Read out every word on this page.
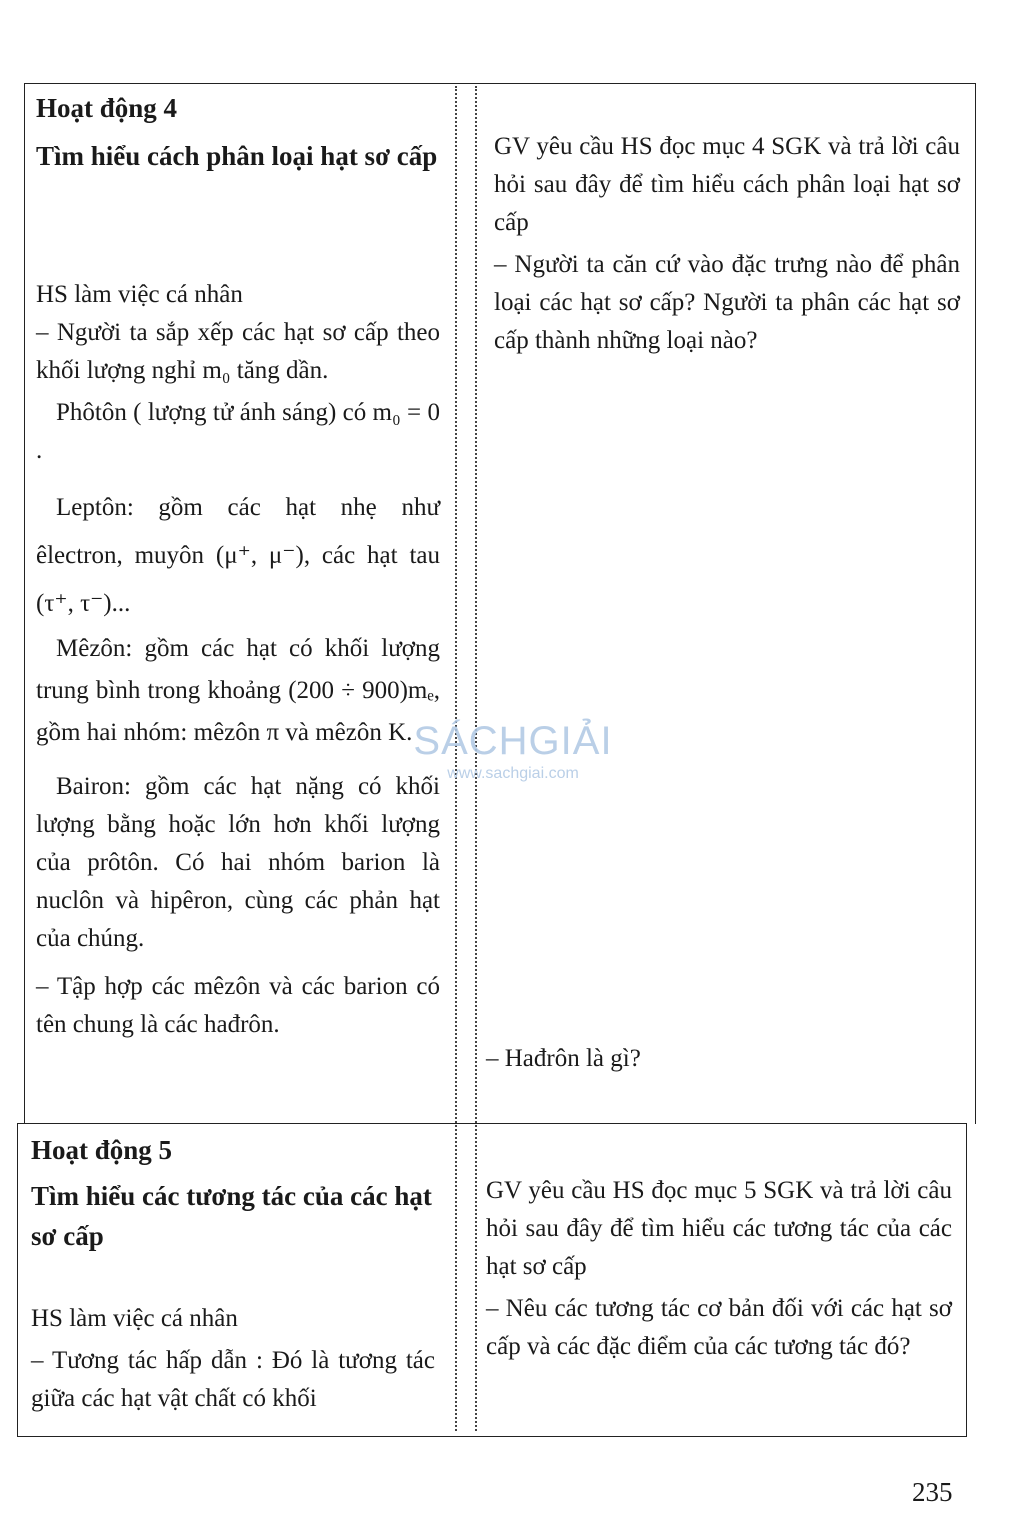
Hoạt động 4

Tìm hiểu cách phân loại hạt sơ cấp

HS làm việc cá nhân

– Người ta sắp xếp các hạt sơ cấp theo khối lượng nghỉ m₀ tăng dần.

Phôtôn ( lượng tử ánh sáng) có m₀ = 0 .

Leptôn: gồm các hạt nhẹ như êlectron, muyôn (μ⁺, μ⁻), các hạt tau (τ⁺, τ⁻)...

Mêzôn: gồm các hạt có khối lượng trung bình trong khoảng (200 ÷ 900)mₑ, gồm hai nhóm: mêzôn π và mêzôn K.

Bairon: gồm các hạt nặng có khối lượng bằng hoặc lớn hơn khối lượng của prôtôn. Có hai nhóm barion là nuclôn và hipêron, cùng các phản hạt của chúng.

– Tập hợp các mêzôn và các barion có tên chung là các hađrôn.

GV yêu cầu HS đọc mục 4 SGK và trả lời câu hỏi sau đây để tìm hiểu cách phân loại hạt sơ cấp

– Người ta căn cứ vào đặc trưng nào để phân loại các hạt sơ cấp? Người ta phân các hạt sơ cấp thành những loại nào?

– Hađrôn là gì?

Hoạt động 5

Tìm hiểu các tương tác của các hạt sơ cấp

HS làm việc cá nhân

– Tương tác hấp dẫn : Đó là tương tác giữa các hạt vật chất có khối

GV yêu cầu HS đọc mục 5 SGK và trả lời câu hỏi sau đây để tìm hiểu các tương tác của các hạt sơ cấp

– Nêu các tương tác cơ bản đối với các hạt sơ cấp và các đặc điểm của các tương tác đó?

SÁCHGIẢI
www.sachgiai.com
235
